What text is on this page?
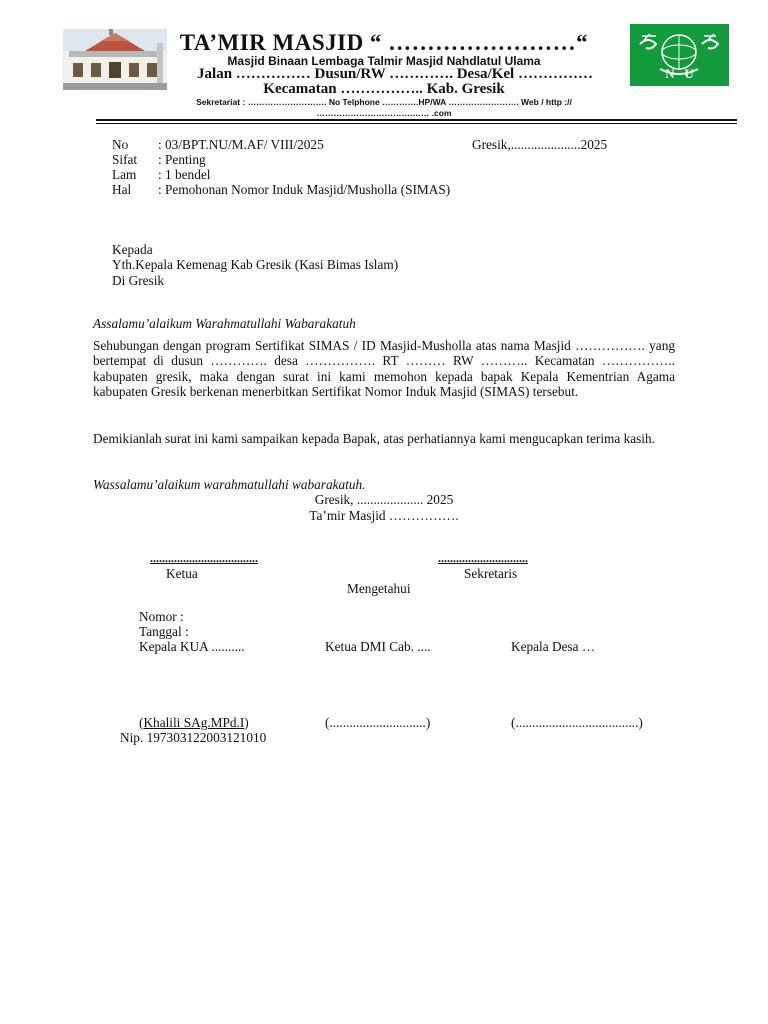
N   U
TA’MIR MASJID “ ……………………“
Masjid Binaan Lembaga Talmir Masjid Nahdlatul Ulama
Jalan …………… Dusun/RW …………. Desa/Kel ……………
Kecamatan …………….. Kab. Gresik
Sekretariat : ………………………. No Telphone ………….HP/WA ……………………. Web / http ://
…………………………….…… .com
No : 03/BPT.NU/M.AF/ VIII/2025
Sifat : Penting
Lam : 1 bendel
Hal : Pemohonan Nomor Induk Masjid/Musholla (SIMAS)
Gresik,.....................2025
Kepada
Yth.Kepala Kemenag Kab Gresik (Kasi Bimas Islam)
Di Gresik
Assalamu’alaikum Warahmatullahi Wabarakatuh
Sehubungan dengan program Sertifikat SIMAS / ID Masjid-Musholla atas nama Masjid ……………. yang bertempat di dusun …………. desa ……………. RT ……… RW ……….. Kecamatan …………….. kabupaten gresik, maka dengan surat ini kami memohon kepada bapak Kepala Kementrian Agama kabupaten Gresik berkenan menerbitkan Sertifikat Nomor Induk Masjid (SIMAS) tersebut.
Demikianlah surat ini kami sampaikan kepada Bapak, atas perhatiannya kami mengucapkan terima kasih.
Wassalamu’alaikum warahmatullahi wabarakatuh.
Gresik, .................... 2025
Ta’mir Masjid …………….
....................................
Ketua
..............................
Sekretaris
Mengetahui
Nomor :
Tanggal :
Kepala KUA ..........	Ketua DMI Cab. ....	Kepala Desa …
(Khalili SAg.MPd.I)	(.............................)	(.....................................)
Nip. 197303122003121010
